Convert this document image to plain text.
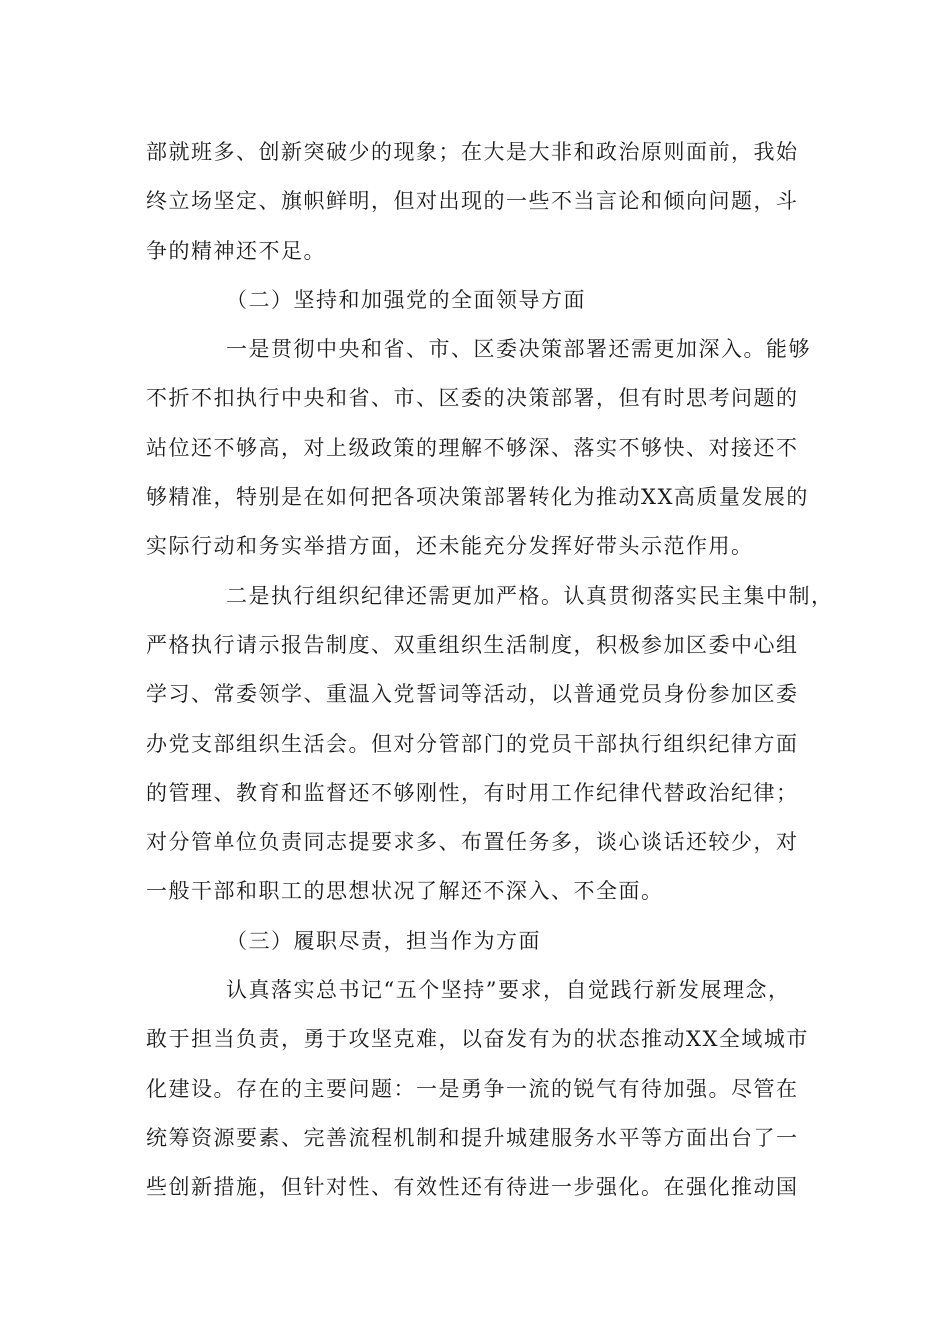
部就班多、创新突破少的现象；在大是大非和政治原则面前，我始
终立场坚定、旗帜鲜明，但对出现的一些不当言论和倾向问题，斗
争的精神还不足。
（二）坚持和加强党的全面领导方面
一是贯彻中央和省、市、区委决策部署还需更加深入。能够
不折不扣执行中央和省、市、区委的决策部署，但有时思考问题的
站位还不够高，对上级政策的理解不够深、落实不够快、对接还不
够精准，特别是在如何把各项决策部署转化为推动XX高质量发展的
实际行动和务实举措方面，还未能充分发挥好带头示范作用。
二是执行组织纪律还需更加严格。认真贯彻落实民主集中制，
严格执行请示报告制度、双重组织生活制度，积极参加区委中心组
学习、常委领学、重温入党誓词等活动，以普通党员身份参加区委
办党支部组织生活会。但对分管部门的党员干部执行组织纪律方面
的管理、教育和监督还不够刚性，有时用工作纪律代替政治纪律；
对分管单位负责同志提要求多、布置任务多，谈心谈话还较少，对
一般干部和职工的思想状况了解还不深入、不全面。
（三）履职尽责，担当作为方面
认真落实总书记“五个坚持”要求，自觉践行新发展理念，
敢于担当负责，勇于攻坚克难，以奋发有为的状态推动XX全域城市
化建设。存在的主要问题：一是勇争一流的锐气有待加强。尽管在
统筹资源要素、完善流程机制和提升城建服务水平等方面出台了一
些创新措施，但针对性、有效性还有待进一步强化。在强化推动国
